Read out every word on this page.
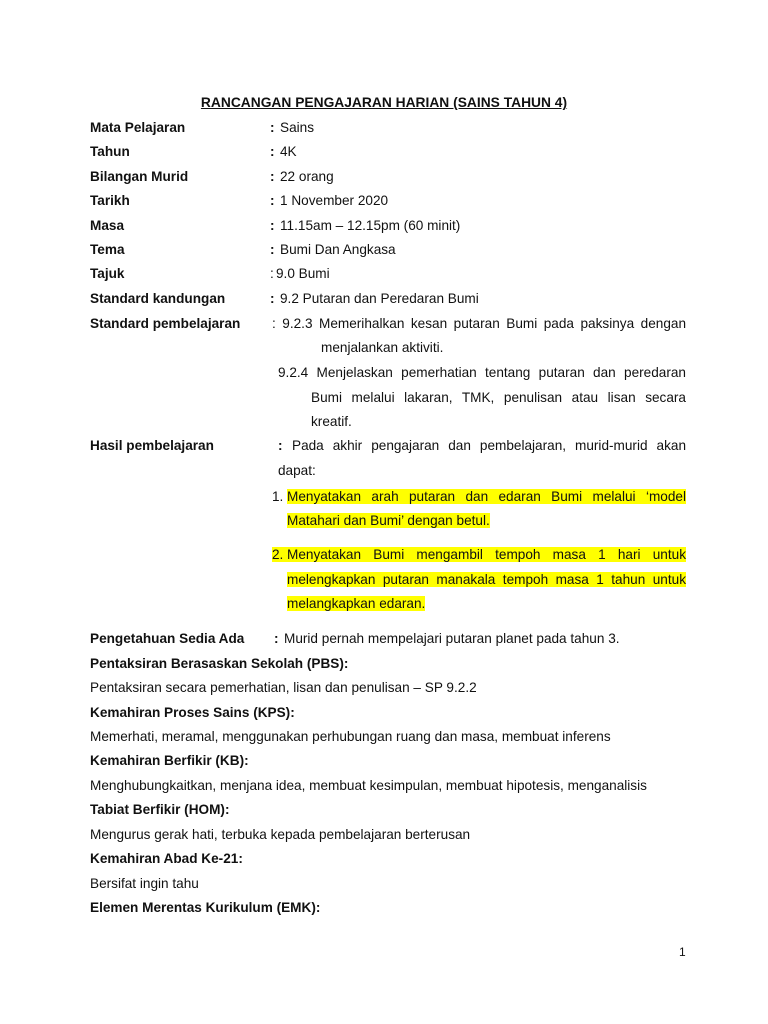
RANCANGAN PENGAJARAN HARIAN (SAINS TAHUN 4)
Mata Pelajaran	: Sains
Tahun	: 4K
Bilangan Murid	: 22 orang
Tarikh	: 1 November 2020
Masa	: 11.15am – 12.15pm (60 minit)
Tema	: Bumi Dan Angkasa
Tajuk	: 9.0 Bumi
Standard kandungan	: 9.2 Putaran dan Peredaran Bumi
Standard pembelajaran : 9.2.3 Memerihalkan kesan putaran Bumi pada paksinya dengan
menjalankan aktiviti.
9.2.4 Menjelaskan pemerhatian tentang putaran dan peredaran
Bumi melalui lakaran, TMK, penulisan atau lisan secara
kreatif.
Hasil pembelajaran	: Pada akhir pengajaran dan pembelajaran, murid-murid akan
dapat:
1. Menyatakan arah putaran dan edaran Bumi melalui ‘model
Matahari dan Bumi’ dengan betul.
2. Menyatakan Bumi mengambil tempoh masa 1 hari untuk
melengkapkan putaran manakala tempoh masa 1 tahun untuk
melangkapkan edaran.
Pengetahuan Sedia Ada : Murid pernah mempelajari putaran planet pada tahun 3.
Pentaksiran Berasaskan Sekolah (PBS):
Pentaksiran secara pemerhatian, lisan dan penulisan – SP 9.2.2
Kemahiran Proses Sains (KPS):
Memerhati, meramal, menggunakan perhubungan ruang dan masa, membuat inferens
Kemahiran Berfikir (KB):
Menghubungkaitkan, menjana idea, membuat kesimpulan, membuat hipotesis, menganalisis
Tabiat Berfikir (HOM):
Mengurus gerak hati, terbuka kepada pembelajaran berterusan
Kemahiran Abad Ke-21:
Bersifat ingin tahu
Elemen Merentas Kurikulum (EMK):
1
